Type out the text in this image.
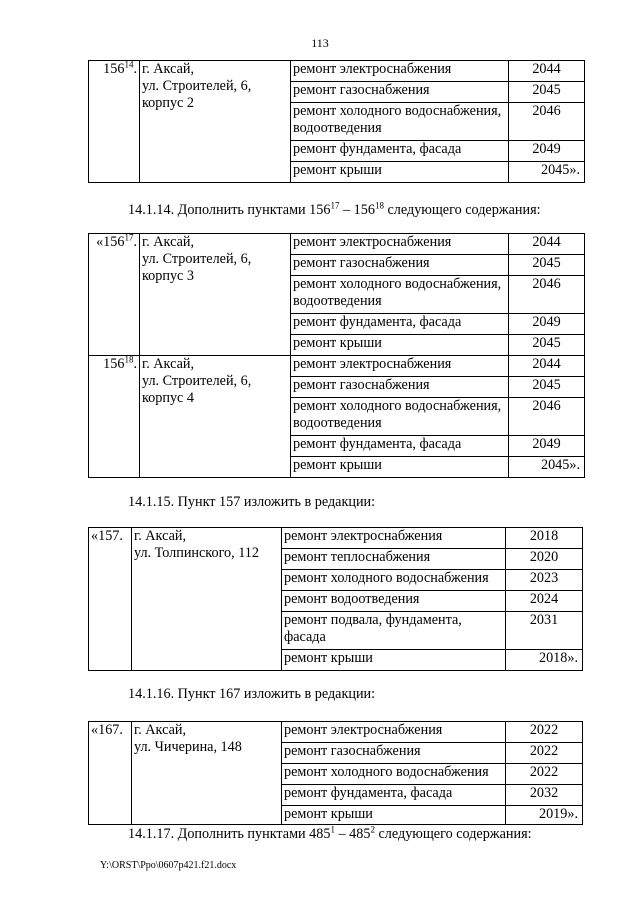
113
$156^{14}$.	г. Аксай,
ул. Строителей, 6,
корпус 2	ремонт электроснабжения	2044
		ремонт газоснабжения	2045
		ремонт холодного водоснабжения, водоотведения	2046
		ремонт фундамента, фасада	2049
		ремонт крыши	2045».
14.1.14. Дополнить пунктами $156^{17} - 156^{18}$ следующего содержания:
«$156^{17}$.	г. Аксай,
ул. Строителей, 6,
корпус 3	ремонт электроснабжения	2044
		ремонт газоснабжения	2045
		ремонт холодного водоснабжения, водоотведения	2046
		ремонт фундамента, фасада	2049
		ремонт крыши	2045
$156^{18}$.	г. Аксай,
ул. Строителей, 6,
корпус 4	ремонт электроснабжения	2044
		ремонт газоснабжения	2045
		ремонт холодного водоснабжения, водоотведения	2046
		ремонт фундамента, фасада	2049
		ремонт крыши	2045».
14.1.15. Пункт 157 изложить в редакции:
«157.	г. Аксай,
ул. Толпинского, 112	ремонт электроснабжения	2018
		ремонт теплоснабжения	2020
		ремонт холодного водоснабжения	2023
		ремонт водоотведения	2024
		ремонт подвала, фундамента, фасада	2031
		ремонт крыши	2018».
14.1.16. Пункт 167 изложить в редакции:
«167.	г. Аксай,
ул. Чичерина, 148	ремонт электроснабжения	2022
		ремонт газоснабжения	2022
		ремонт холодного водоснабжения	2022
		ремонт фундамента, фасада	2032
		ремонт крыши	2019».
14.1.17. Дополнить пунктами $485^1 - 485^2$ следующего содержания:
Y:\ORST\Ppo\0607p421.f21.docx
